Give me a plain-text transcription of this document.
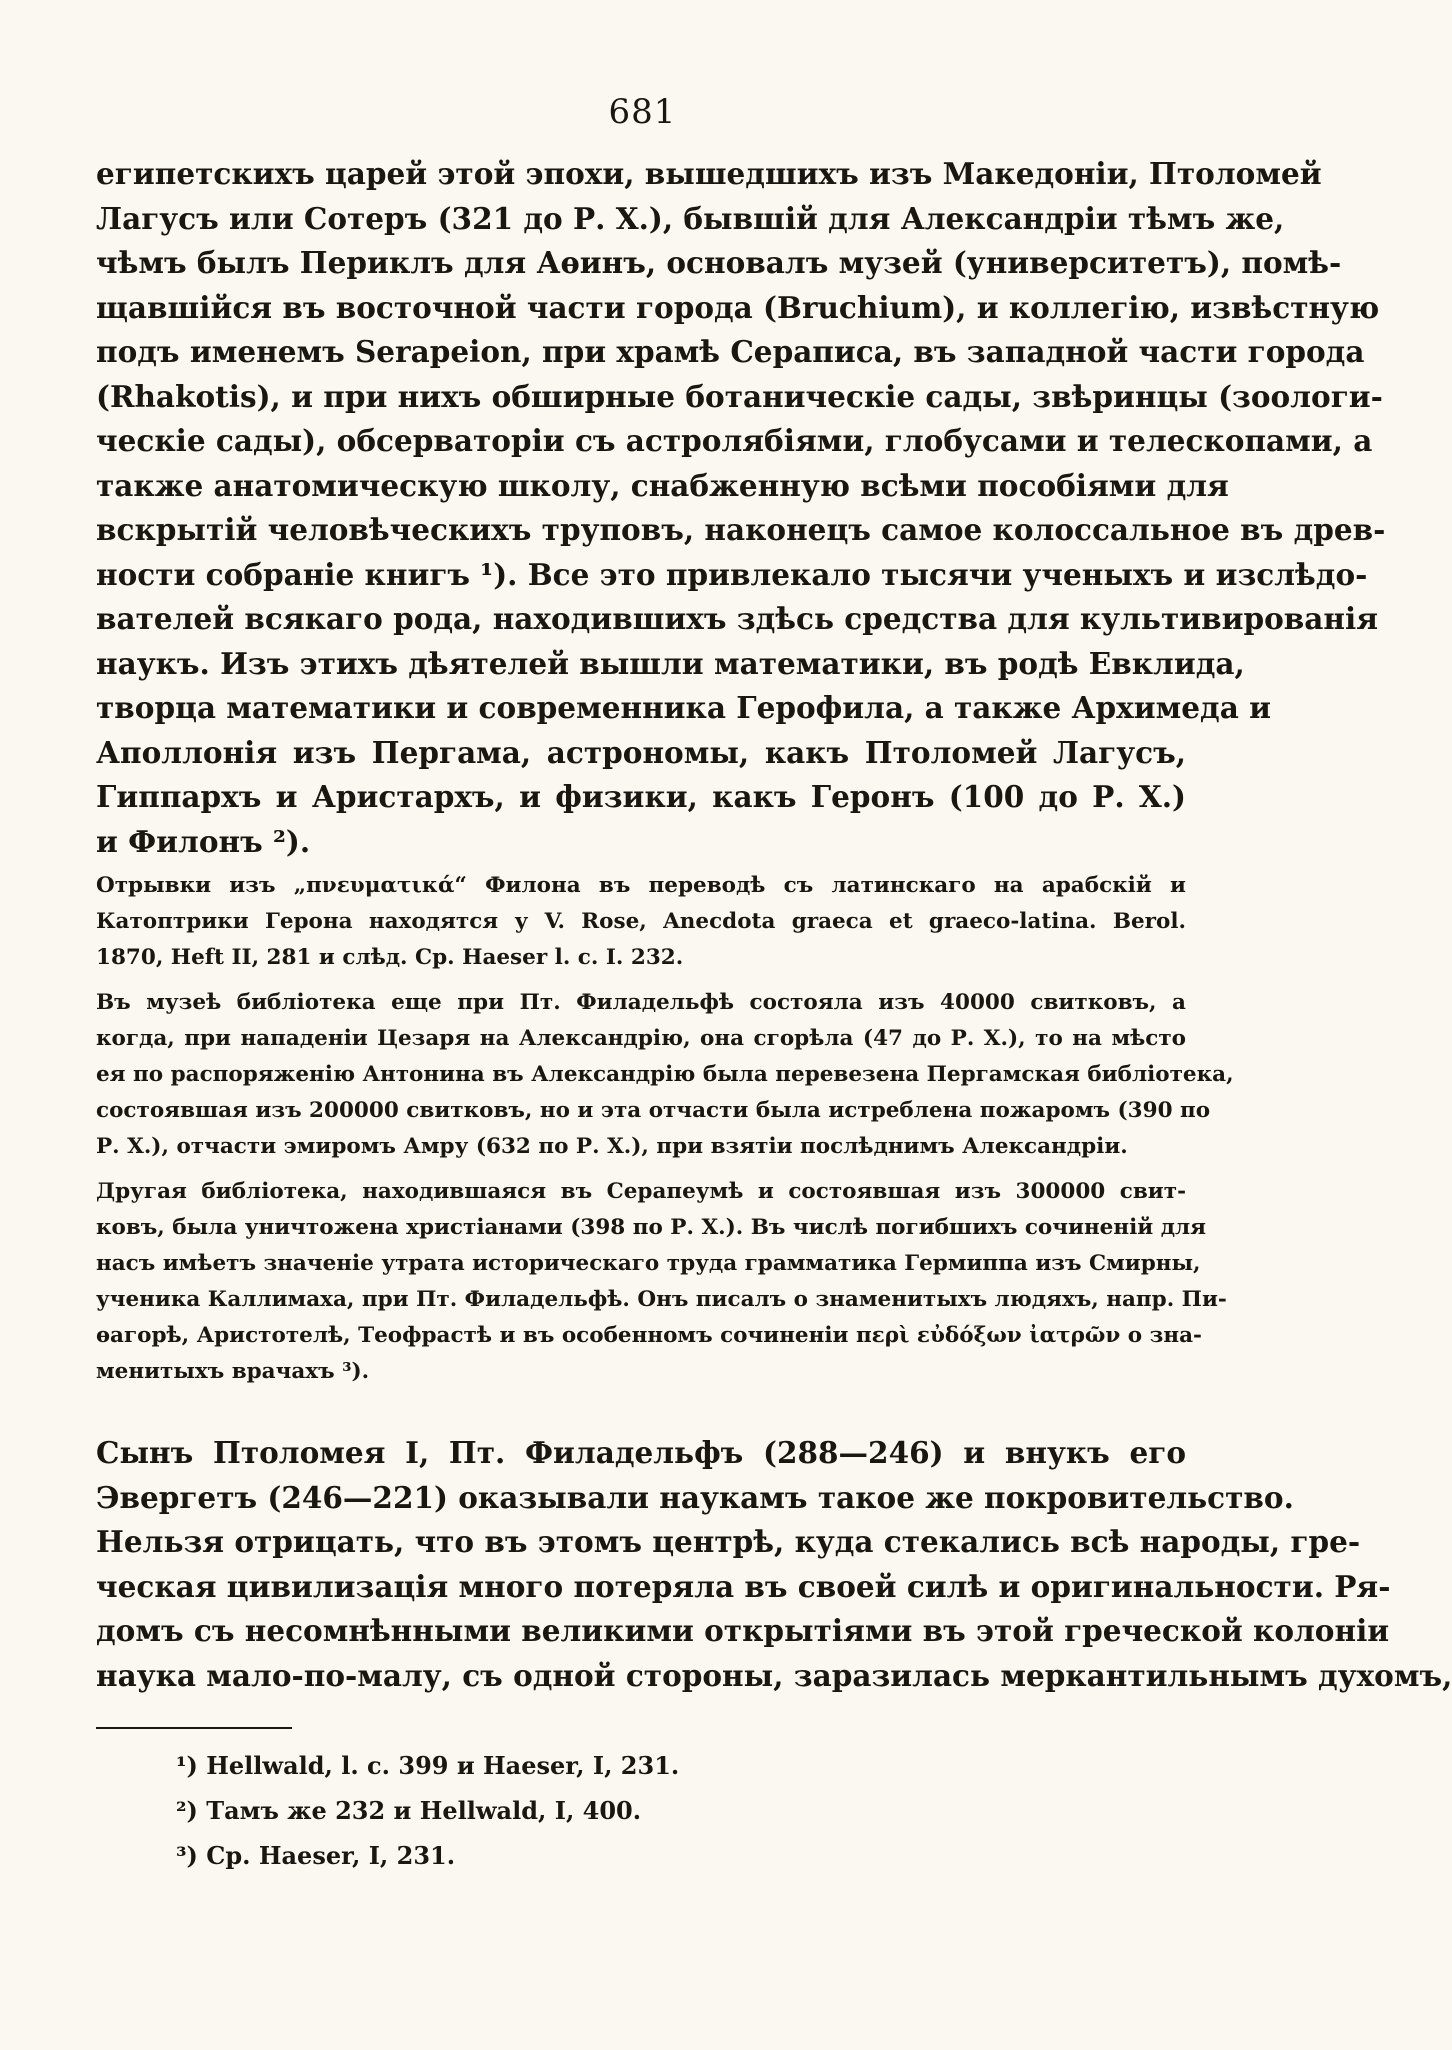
681
египетскихъ царей этой эпохи, вышедшихъ изъ Македоніи, Птоломей
Лагусъ или Сотеръ (321 до Р. Х.), бывшій для Александріи тѣмъ же,
чѣмъ былъ Периклъ для Аѳинъ, основалъ музей (университетъ), помѣ-
щавшійся въ восточной части города (Bruchium), и коллегію, извѣстную
подъ именемъ Serapeion, при храмѣ Сераписа, въ западной части города
(Rhakotis), и при нихъ обширные ботаническіе сады, звѣринцы (зоологи-
ческіе сады), обсерваторіи съ астролябіями, глобусами и телескопами, а
также анатомическую школу, снабженную всѣми пособіями для
вскрытій человѣческихъ труповъ, наконецъ самое колоссальное въ древ-
ности собраніе книгъ ¹). Все это привлекало тысячи ученыхъ и изслѣдо-
вателей всякаго рода, находившихъ здѣсь средства для культивированія
наукъ. Изъ этихъ дѣятелей вышли математики, въ родѣ Евклида,
творца математики и современника Герофила, а также Архимеда и
Аполлонія изъ Пергама, астрономы, какъ Птоломей Лагусъ,
Гиппархъ и Аристархъ, и физики, какъ Геронъ (100 до Р. Х.)
и Филонъ ²).
Отрывки изъ „πνευματικά“ Филона въ переводѣ съ латинскаго на арабскій и
Катоптрики Герона находятся у V. Rose, Anecdota graeca et graeco-latina. Berol.
1870, Heft II, 281 и слѣд. Ср. Haeser l. c. I. 232.
Въ музеѣ библіотека еще при Пт. Филадельфѣ состояла изъ 40000 свитковъ, а
когда, при нападеніи Цезаря на Александрію, она сгорѣла (47 до Р. Х.), то на мѣсто
ея по распоряженію Антонина въ Александрію была перевезена Пергамская библіотека,
состоявшая изъ 200000 свитковъ, но и эта отчасти была истреблена пожаромъ (390 по
Р. Х.), отчасти эмиромъ Амру (632 по Р. Х.), при взятіи послѣднимъ Александріи.
Другая библіотека, находившаяся въ Серапеумѣ и состоявшая изъ 300000 свит-
ковъ, была уничтожена христіанами (398 по Р. Х.). Въ числѣ погибшихъ сочиненій для
насъ имѣетъ значеніе утрата историческаго труда грамматика Гермиппа изъ Смирны,
ученика Каллимаха, при Пт. Филадельфѣ. Онъ писалъ о знаменитыхъ людяхъ, напр. Пи-
ѳагорѣ, Аристотелѣ, Теофрастѣ и въ особенномъ сочиненіи περὶ εὐδόξων ἰατρῶν о зна-
менитыхъ врачахъ ³).
Сынъ Птоломея I, Пт. Филадельфъ (288—246) и внукъ его
Эвергетъ (246—221) оказывали наукамъ такое же покровительство.
Нельзя отрицать, что въ этомъ центрѣ, куда стекались всѣ народы, гре-
ческая цивилизація много потеряла въ своей силѣ и оригинальности. Ря-
домъ съ несомнѣнными великими открытіями въ этой греческой колоніи
наука мало-по-малу, съ одной стороны, заразилась меркантильнымъ духомъ,
¹) Hellwald, l. c. 399 и Haeser, I, 231.
²) Тамъ же 232 и Hellwald, I, 400.
³) Ср. Haeser, I, 231.
